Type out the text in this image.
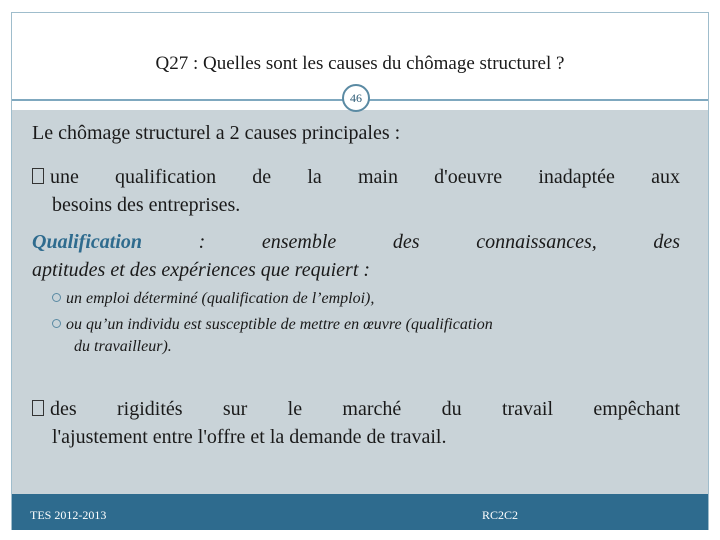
Q27 : Quelles sont les causes du chômage structurel ?
46
Le chômage structurel a 2 causes principales :
une qualification de la main d'oeuvre inadaptée aux
besoins des entreprises.
Qualification : ensemble des connaissances, des
aptitudes et des expériences que requiert :
un emploi déterminé (qualification de l’emploi),
ou qu’un individu est susceptible de mettre en œuvre (qualification
du travailleur).
des rigidités sur le marché du travail empêchant
l'ajustement entre l'offre et la demande de travail.
TES 2012-2013	RC2C2
